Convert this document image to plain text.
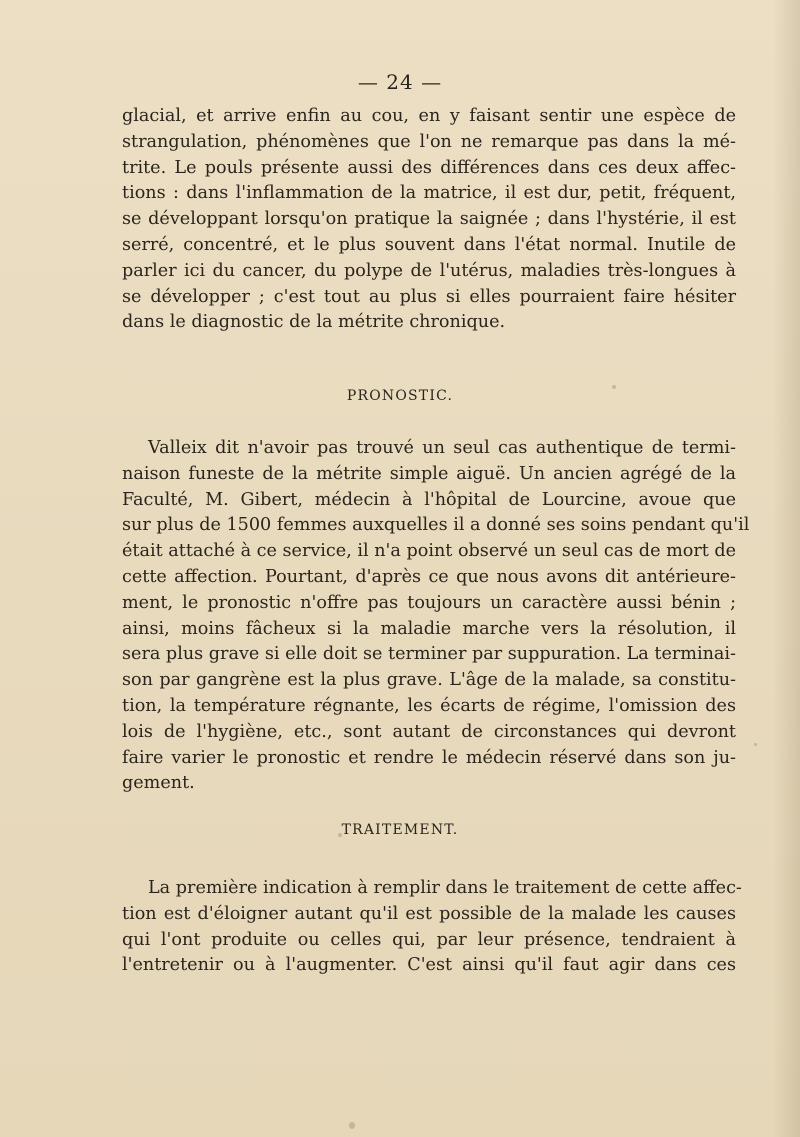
— 24 —

glacial, et arrive enfin au cou, en y faisant sentir une espèce de
strangulation, phénomènes que l'on ne remarque pas dans la mé-
trite. Le pouls présente aussi des différences dans ces deux affec-
tions : dans l'inflammation de la matrice, il est dur, petit, fréquent,
se développant lorsqu'on pratique la saignée ; dans l'hystérie, il est
serré, concentré, et le plus souvent dans l'état normal. Inutile de
parler ici du cancer, du polype de l'utérus, maladies très-longues à
se développer ; c'est tout au plus si elles pourraient faire hésiter
dans le diagnostic de la métrite chronique.

PRONOSTIC.

Valleix dit n'avoir pas trouvé un seul cas authentique de termi-
naison funeste de la métrite simple aiguë. Un ancien agrégé de la
Faculté, M. Gibert, médecin à l'hôpital de Lourcine, avoue que
sur plus de 1500 femmes auxquelles il a donné ses soins pendant qu'il
était attaché à ce service, il n'a point observé un seul cas de mort de
cette affection. Pourtant, d'après ce que nous avons dit antérieure-
ment, le pronostic n'offre pas toujours un caractère aussi bénin ;
ainsi, moins fâcheux si la maladie marche vers la résolution, il
sera plus grave si elle doit se terminer par suppuration. La terminai-
son par gangrène est la plus grave. L'âge de la malade, sa constitu-
tion, la température régnante, les écarts de régime, l'omission des
lois de l'hygiène, etc., sont autant de circonstances qui devront
faire varier le pronostic et rendre le médecin réservé dans son ju-
gement.

TRAITEMENT.

La première indication à remplir dans le traitement de cette affec-
tion est d'éloigner autant qu'il est possible de la malade les causes
qui l'ont produite ou celles qui, par leur présence, tendraient à
l'entretenir ou à l'augmenter. C'est ainsi qu'il faut agir dans ces
